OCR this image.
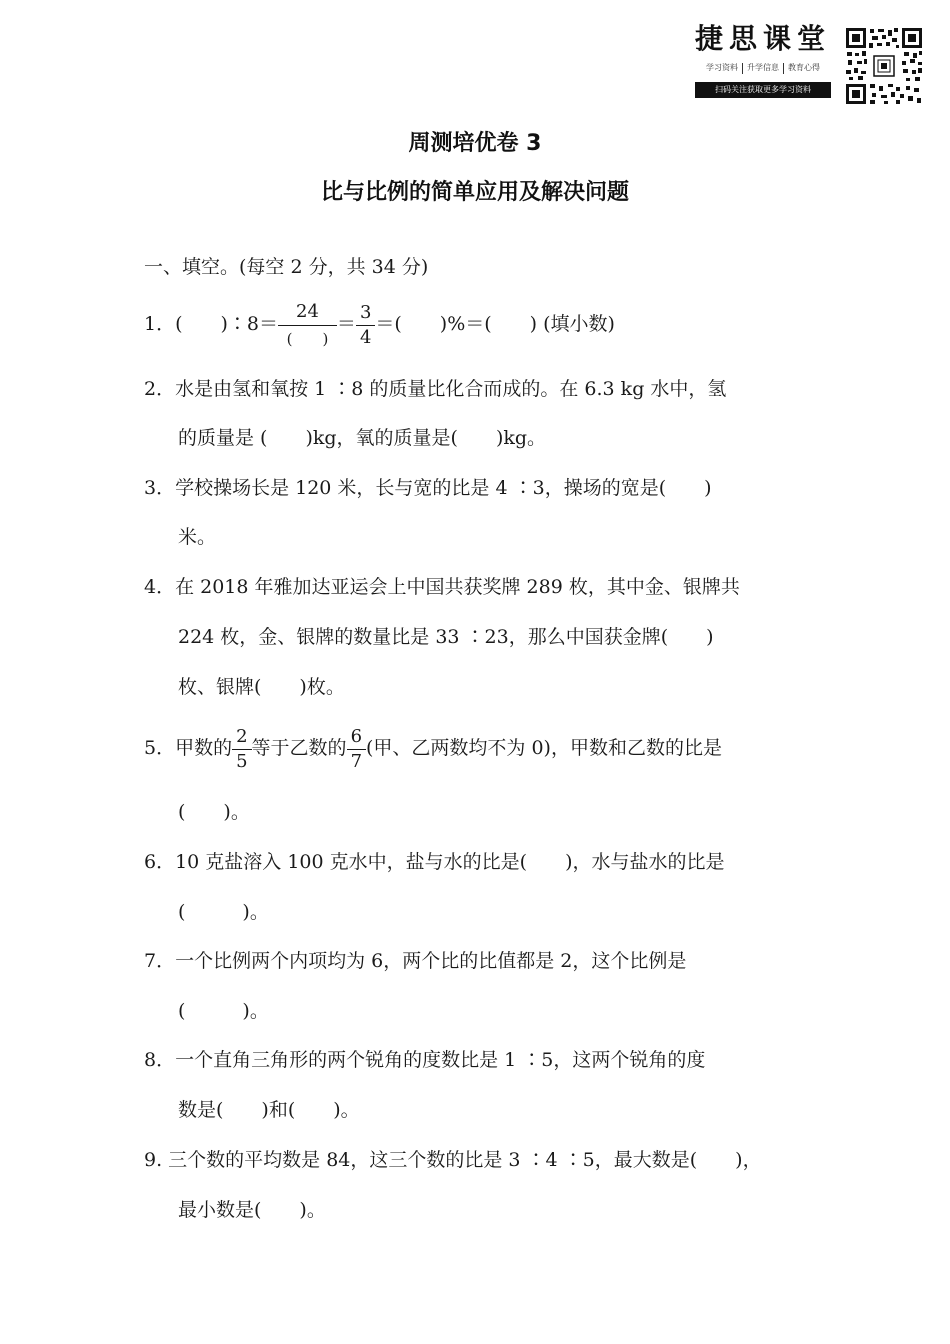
捷思课堂
学习资料 升学信息 教育心得
扫码关注获取更多学习资料
周测培优卷 3
比与比例的简单应用及解决问题
一、填空。(每空 2 分，共 34 分)
1．(　　)∶8＝ $\frac{24}{( )} = \frac{3}{4}$ ＝(　　)%＝(　　) (填小数)
2．水是由氢和氧按 1 ∶8 的质量比化合而成的。在 6.3 kg 水中，氢
的质量是 (　　)kg，氧的质量是(　　)kg。
3．学校操场长是 120 米，长与宽的比是 4 ∶3，操场的宽是(　　)
米。
4．在 2018 年雅加达亚运会上中国共获奖牌 289 枚，其中金、银牌共
224 枚，金、银牌的数量比是 33 ∶23，那么中国获金牌(　　)
枚、银牌(　　)枚。
5．甲数的 $\frac{2}{5}$ 等于乙数的 $\frac{6}{7}$ (甲、乙两数均不为 0)，甲数和乙数的比是
(　　)。
6．10 克盐溶入 100 克水中，盐与水的比是(　　)，水与盐水的比是
(　　　)。
7．一个比例两个内项均为 6，两个比的比值都是 2，这个比例是
(　　　)。
8．一个直角三角形的两个锐角的度数比是 1 ∶5，这两个锐角的度
数是(　　)和(　　)。
9. 三个数的平均数是 84，这三个数的比是 3 ∶4 ∶5，最大数是(　　)，
最小数是(　　)。
